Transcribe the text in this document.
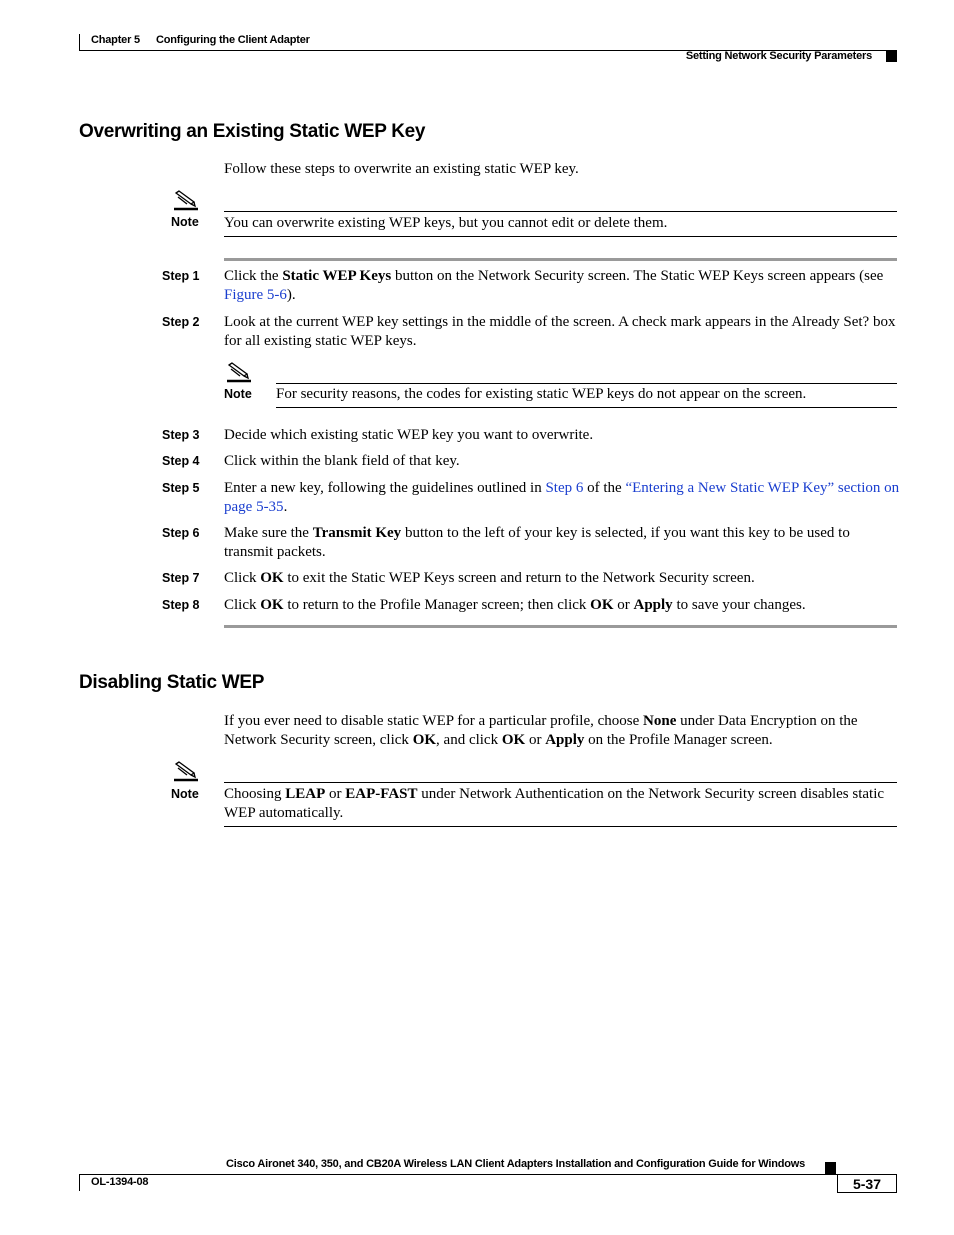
Chapter 5 Configuring the Client Adapter
Setting Network Security Parameters
Overwriting an Existing Static WEP Key
Follow these steps to overwrite an existing static WEP key.
Note You can overwrite existing WEP keys, but you cannot edit or delete them.
Step 1 Click the Static WEP Keys button on the Network Security screen. The Static WEP Keys screen appears (see Figure 5-6).
Step 2 Look at the current WEP key settings in the middle of the screen. A check mark appears in the Already Set? box for all existing static WEP keys.
Note For security reasons, the codes for existing static WEP keys do not appear on the screen.
Step 3 Decide which existing static WEP key you want to overwrite.
Step 4 Click within the blank field of that key.
Step 5 Enter a new key, following the guidelines outlined in Step 6 of the “Entering a New Static WEP Key” section on page 5-35.
Step 6 Make sure the Transmit Key button to the left of your key is selected, if you want this key to be used to transmit packets.
Step 7 Click OK to exit the Static WEP Keys screen and return to the Network Security screen.
Step 8 Click OK to return to the Profile Manager screen; then click OK or Apply to save your changes.
Disabling Static WEP
If you ever need to disable static WEP for a particular profile, choose None under Data Encryption on the Network Security screen, click OK, and click OK or Apply on the Profile Manager screen.
Note Choosing LEAP or EAP-FAST under Network Authentication on the Network Security screen disables static WEP automatically.
Cisco Aironet 340, 350, and CB20A Wireless LAN Client Adapters Installation and Configuration Guide for Windows
OL-1394-08	5-37
